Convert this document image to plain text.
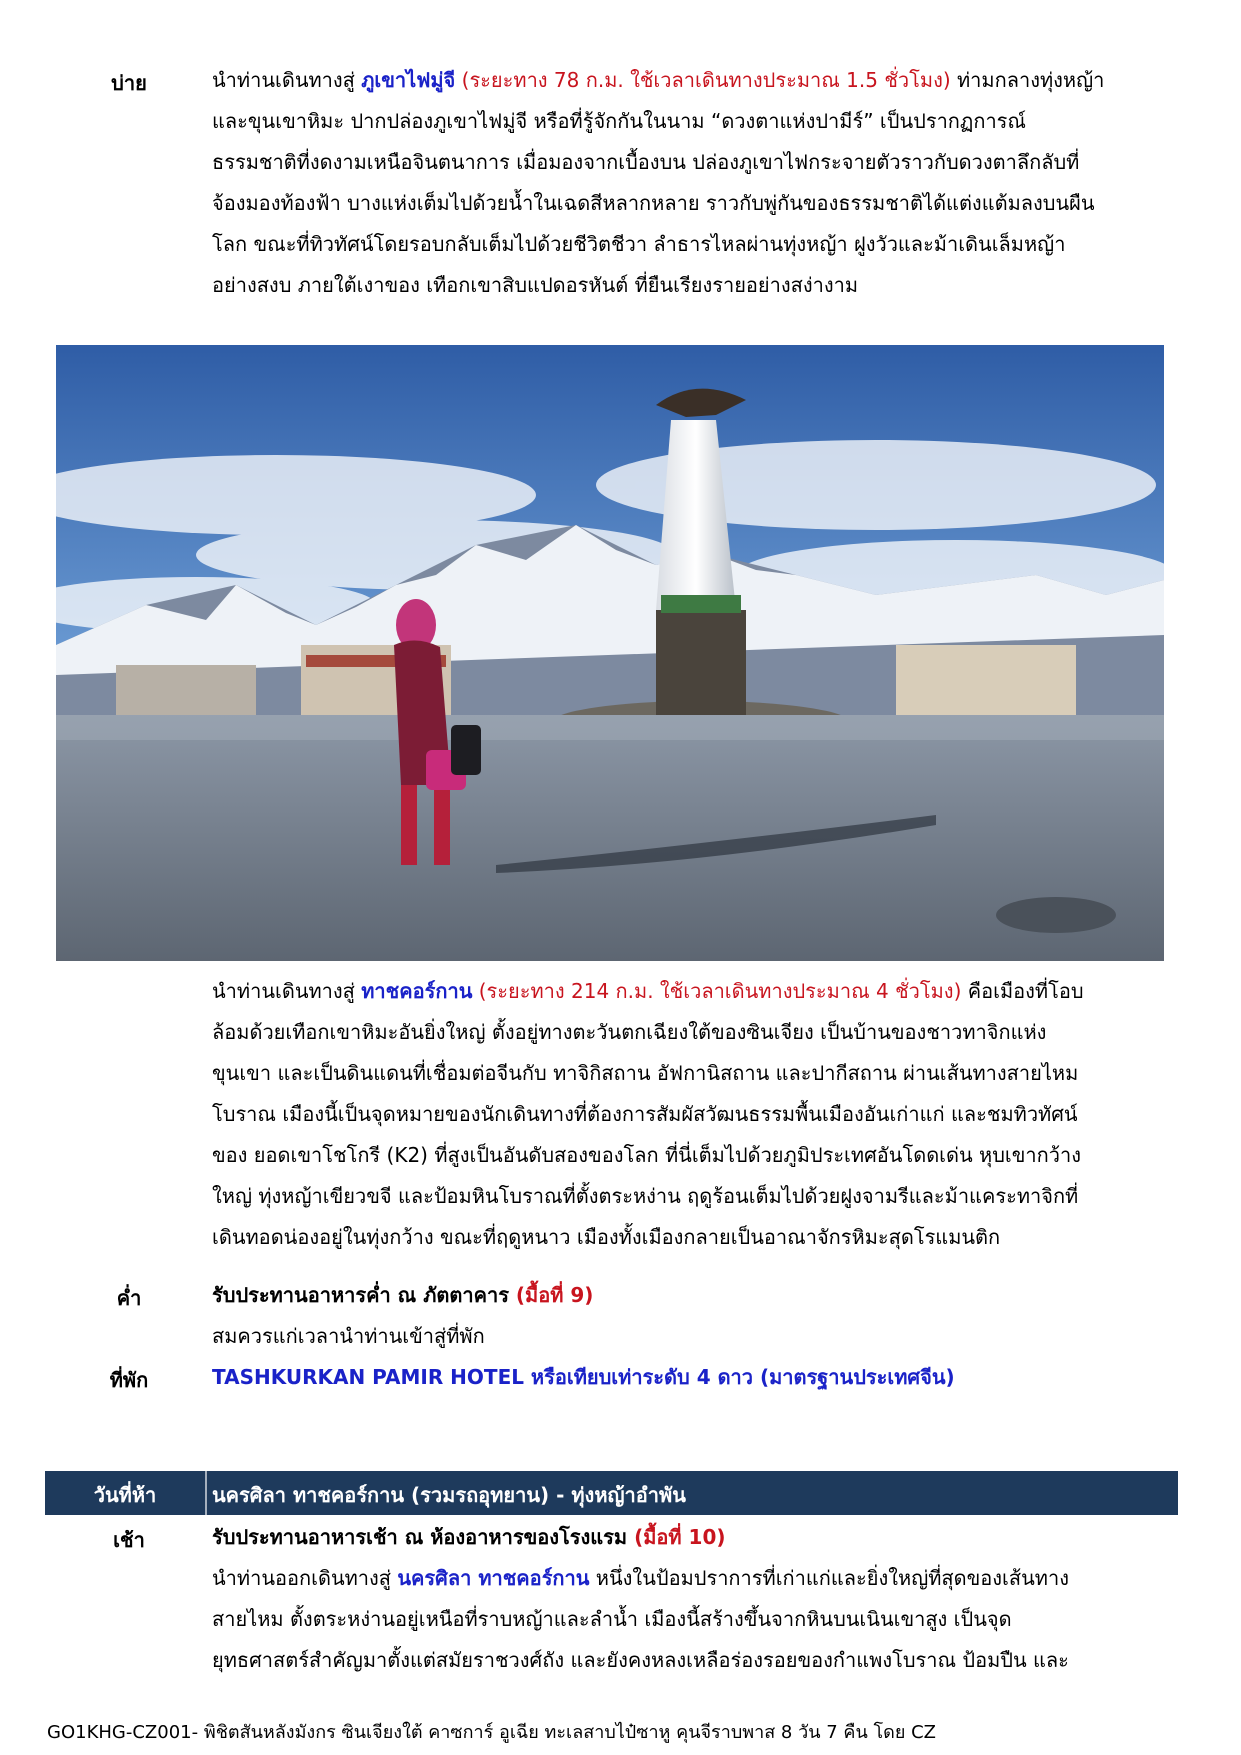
บ่าย	นำท่านเดินทางสู่ ภูเขาไฟมู่จี (ระยะทาง 78 ก.ม. ใช้เวลาเดินทางประมาณ 1.5 ชั่วโมง) ท่ามกลางทุ่งหญ้า
และขุนเขาหิมะ ปากปล่องภูเขาไฟมู่จี หรือที่รู้จักกันในนาม “ดวงตาแห่งปามีร์” เป็นปรากฏการณ์
ธรรมชาติที่งดงามเหนือจินตนาการ เมื่อมองจากเบื้องบน ปล่องภูเขาไฟกระจายตัวราวกับดวงตาลึกลับที่
จ้องมองท้องฟ้า บางแห่งเต็มไปด้วยน้ำในเฉดสีหลากหลาย ราวกับพู่กันของธรรมชาติได้แต่งแต้มลงบนผืน
โลก ขณะที่ทิวทัศน์โดยรอบกลับเต็มไปด้วยชีวิตชีวา ลำธารไหลผ่านทุ่งหญ้า ฝูงวัวและม้าเดินเล็มหญ้า
อย่างสงบ ภายใต้เงาของ เทือกเขาสิบแปดอรหันต์ ที่ยืนเรียงรายอย่างสง่างาม
นำท่านเดินทางสู่ ทาชคอร์กาน (ระยะทาง 214 ก.ม. ใช้เวลาเดินทางประมาณ 4 ชั่วโมง) คือเมืองที่โอบ
ล้อมด้วยเทือกเขาหิมะอันยิ่งใหญ่ ตั้งอยู่ทางตะวันตกเฉียงใต้ของซินเจียง เป็นบ้านของชาวทาจิกแห่ง
ขุนเขา และเป็นดินแดนที่เชื่อมต่อจีนกับ ทาจิกิสถาน อัฟกานิสถาน และปากีสถาน ผ่านเส้นทางสายไหม
โบราณ เมืองนี้เป็นจุดหมายของนักเดินทางที่ต้องการสัมผัสวัฒนธรรมพื้นเมืองอันเก่าแก่ และชมทิวทัศน์
ของ ยอดเขาโชโกรี (K2) ที่สูงเป็นอันดับสองของโลก ที่นี่เต็มไปด้วยภูมิประเทศอันโดดเด่น หุบเขากว้าง
ใหญ่ ทุ่งหญ้าเขียวขจี และป้อมหินโบราณที่ตั้งตระหง่าน ฤดูร้อนเต็มไปด้วยฝูงจามรีและม้าแคระทาจิกที่
เดินทอดน่องอยู่ในทุ่งกว้าง ขณะที่ฤดูหนาว เมืองทั้งเมืองกลายเป็นอาณาจักรหิมะสุดโรแมนติก
ค่ำ	รับประทานอาหารค่ำ ณ ภัตตาคาร (มื้อที่ 9)
สมควรแก่เวลานำท่านเข้าสู่ที่พัก
ที่พัก	TASHKURKAN PAMIR HOTEL หรือเทียบเท่าระดับ 4 ดาว (มาตรฐานประเทศจีน)
วันที่ห้า	นครศิลา ทาชคอร์กาน (รวมรถอุทยาน) - ทุ่งหญ้าอำพัน
เช้า	รับประทานอาหารเช้า ณ ห้องอาหารของโรงแรม (มื้อที่ 10)
นำท่านออกเดินทางสู่ นครศิลา ทาชคอร์กาน หนึ่งในป้อมปราการที่เก่าแก่และยิ่งใหญ่ที่สุดของเส้นทาง
สายไหม ตั้งตระหง่านอยู่เหนือที่ราบหญ้าและลำน้ำ เมืองนี้สร้างขึ้นจากหินบนเนินเขาสูง เป็นจุด
ยุทธศาสตร์สำคัญมาตั้งแต่สมัยราชวงศ์ถัง และยังคงหลงเหลือร่องรอยของกำแพงโบราณ ป้อมปืน และ
GO1KHG-CZ001- พิชิตสันหลังมังกร ซินเจียงใต้ คาซการ์ อูเฉีย ทะเลสาบไป๋ซาหู คุนจีราบพาส 8 วัน 7 คืน โดย CZ
